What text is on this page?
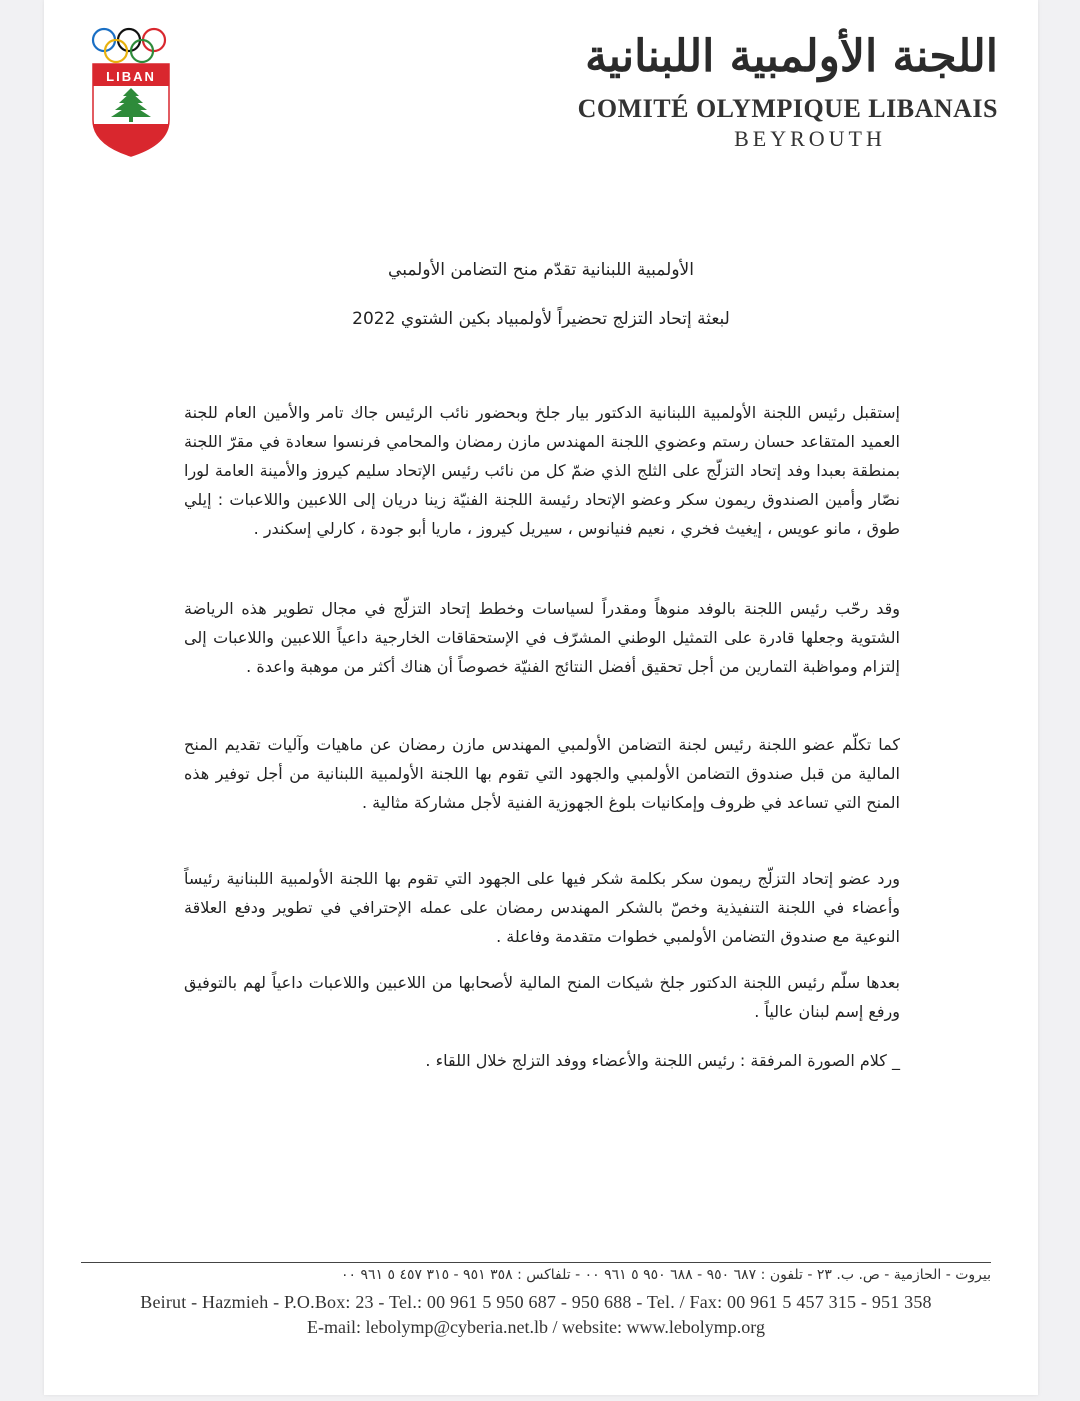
LIBAN	اللجنة الأولمبية اللبنانية
COMITÉ OLYMPIQUE LIBANAIS
BEYROUTH
الأولمبية اللبنانية تقدّم منح التضامن الأولمبي
لبعثة إتحاد التزلج تحضيراً لأولمبياد بكين الشتوي 2022
إستقبل رئيس اللجنة الأولمبية اللبنانية الدكتور بيار جلخ وبحضور نائب الرئيس جاك تامر والأمين العام للجنة العميد المتقاعد حسان رستم وعضوي اللجنة المهندس مازن رمضان والمحامي فرنسوا سعادة في مقرّ اللجنة بمنطقة بعبدا وفد إتحاد التزلّج على الثلج الذي ضمّ كل من نائب رئيس الإتحاد سليم كيروز والأمينة العامة لورا نصّار وأمين الصندوق ريمون سكر وعضو الإتحاد رئيسة اللجنة الفنيّة زينا دريان إلى اللاعبين واللاعبات : إيلي طوق ، مانو عويس ، إيغيث فخري ، نعيم فنيانوس ، سيريل كيروز ، ماريا أبو جودة ، كارلي إسكندر .
وقد رحّب رئيس اللجنة بالوفد منوهاً ومقدراً لسياسات وخطط إتحاد التزلّج في مجال تطوير هذه الرياضة الشتوية وجعلها قادرة على التمثيل الوطني المشرّف في الإستحقاقات الخارجية داعياً اللاعبين واللاعبات إلى إلتزام ومواظبة التمارين من أجل تحقيق أفضل النتائج الفنيّة خصوصاً أن هناك أكثر من موهبة واعدة .
كما تكلّم عضو اللجنة رئيس لجنة التضامن الأولمبي المهندس مازن رمضان عن ماهيات وآليات تقديم المنح المالية من قبل صندوق التضامن الأولمبي والجهود التي تقوم بها اللجنة الأولمبية اللبنانية من أجل توفير هذه المنح التي تساعد في ظروف وإمكانيات بلوغ الجهوزية الفنية لأجل مشاركة مثالية .
ورد عضو إتحاد التزلّج ريمون سكر بكلمة شكر فيها على الجهود التي تقوم بها اللجنة الأولمبية اللبنانية رئيساً وأعضاء في اللجنة التنفيذية وخصّ بالشكر المهندس رمضان على عمله الإحترافي في تطوير ودفع العلاقة النوعية مع صندوق التضامن الأولمبي خطوات متقدمة وفاعلة .
بعدها سلّم رئيس اللجنة الدكتور جلخ شيكات المنح المالية لأصحابها من اللاعبين واللاعبات داعياً لهم بالتوفيق ورفع إسم لبنان عالياً .
_ كلام الصورة المرفقة : رئيس اللجنة والأعضاء ووفد التزلج خلال اللقاء .
بيروت - الحازمية - ص. ب. ٢٣ - تلفون : ٦٨٧ ٩٥٠ - ٦٨٨ ٩٥٠ ٥ ٩٦١ ٠٠ - تلفاكس : ٣٥٨ ٩٥١ - ٣١٥ ٤٥٧ ٥ ٩٦١ ٠٠
Beirut - Hazmieh - P.O.Box: 23 - Tel.: 00 961 5 950 687 - 950 688 - Tel. / Fax: 00 961 5 457 315 - 951 358
E-mail: lebolymp@cyberia.net.lb / website: www.lebolymp.org
